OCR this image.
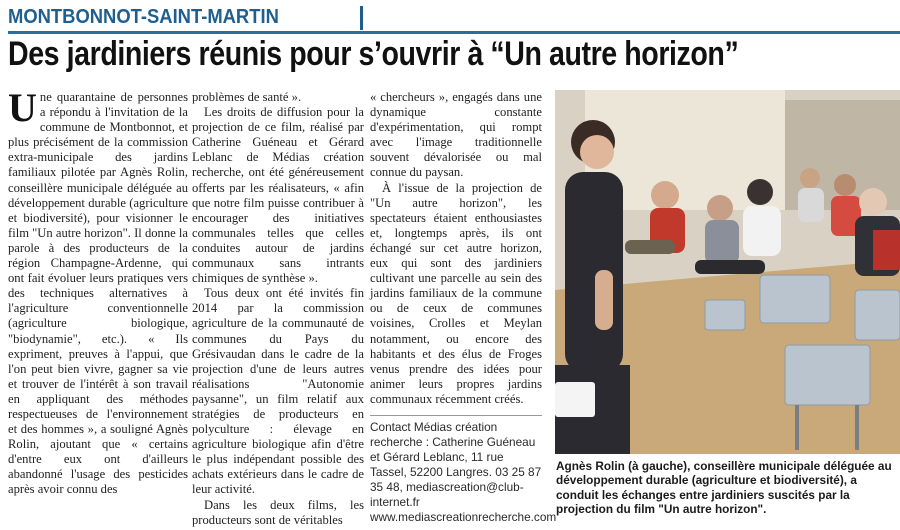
MONTBONNOT-SAINT-MARTIN
Des jardiniers réunis pour s’ouvrir à “Un autre horizon”

Une quarantaine de personnes a répondu à l'invitation de la commune de Montbonnot, et plus précisément de la commission extra-municipale des jardins familiaux pilotée par Agnès Rolin, conseillère municipale déléguée au développement durable (agriculture et biodiversité), pour visionner le film "Un autre horizon". Il donne la parole à des producteurs de la région Champagne-Ardenne, qui ont fait évoluer leurs pratiques vers des techniques alternatives à l'agriculture conventionnelle (agriculture biologique, "biodynamie", etc.). « Ils expriment, preuves à l'appui, que l'on peut bien vivre, gagner sa vie et trouver de l'intérêt à son travail en appliquant des méthodes respectueuses de l'environnement et des hommes », a souligné Agnès Rolin, ajoutant que « certains d'entre eux ont d'ailleurs abandonné l'usage des pesticides après avoir connu des

problèmes de santé ».

Les droits de diffusion pour la projection de ce film, réalisé par Catherine Guéneau et Gérard Leblanc de Médias création recherche, ont été généreusement offerts par les réalisateurs, « afin que notre film puisse contribuer à encourager des initiatives communales telles que celles conduites autour de jardins communaux sans intrants chimiques de synthèse ».

Tous deux ont été invités fin 2014 par la commission agriculture de la communauté de communes du Pays du Grésivaudan dans le cadre de la projection d'une de leurs autres réalisations "Autonomie paysanne", un film relatif aux stratégies de producteurs en polyculture : élevage en agriculture biologique afin d'être le plus indépendant possible des achats extérieurs dans le cadre de leur activité.

Dans les deux films, les producteurs sont de véritables

« chercheurs », engagés dans une dynamique constante d'expérimentation, qui rompt avec l'image traditionnelle souvent dévalorisée ou mal connue du paysan.

À l'issue de la projection de "Un autre horizon", les spectateurs étaient enthousiastes et, longtemps après, ils ont échangé sur cet autre horizon, eux qui sont des jardiniers cultivant une parcelle au sein des jardins familiaux de la commune ou de ceux de communes voisines, Crolles et Meylan notamment, ou encore des habitants et des élus de Froges venus prendre des idées pour animer leurs propres jardins communaux récemment créés.

Contact Médias création recherche : Catherine Guéneau et Gérard Leblanc, 11 rue Tassel, 52200 Langres. 03 25 87 35 48, mediascreation@club-internet.fr www.mediascreationrecherche.com
Agnès Rolin (à gauche), conseillère municipale déléguée au développement durable (agriculture et biodiversité), a conduit les échanges entre jardiniers suscités par la projection du film "Un autre horizon".
